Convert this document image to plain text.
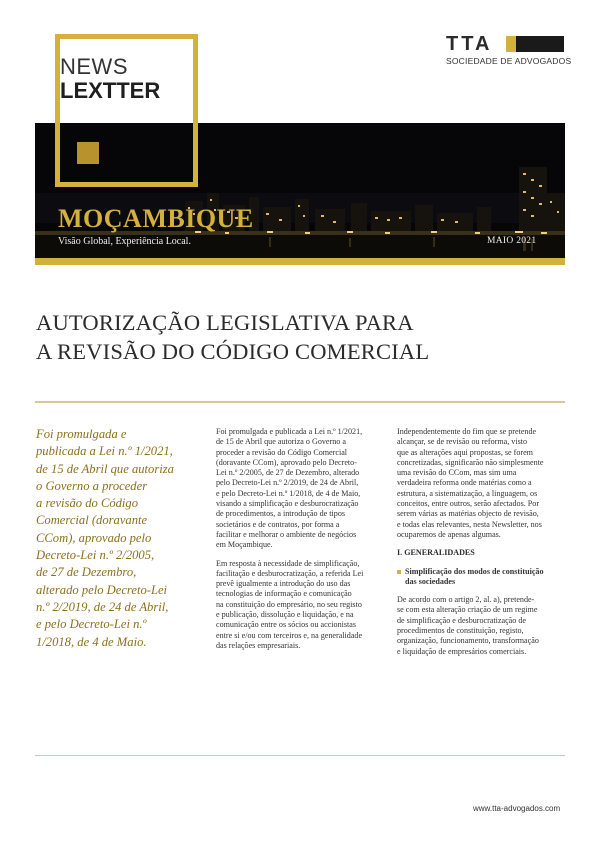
NEWS
LEXTTER
TTA
SOCIEDADE DE ADVOGADOS
MOÇAMBIQUE
Visão Global, Experiência Local.	MAIO 2021
AUTORIZAÇÃO LEGISLATIVA PARA
A REVISÃO DO CÓDIGO COMERCIAL
Foi promulgada e
publicada a Lei n.º 1/2021,
de 15 de Abril que autoriza
o Governo a proceder
a revisão do Código
Comercial (doravante
CCom), aprovado pelo
Decreto-Lei n.º 2/2005,
de 27 de Dezembro,
alterado pelo Decreto-Lei
n.º 2/2019, de 24 de Abril,
e pelo Decreto-Lei n.º
1/2018, de 4 de Maio.
Foi promulgada e publicada a Lei n.º 1/2021,
de 15 de Abril que autoriza o Governo a
proceder a revisão do Código Comercial
(doravante CCom), aprovado pelo Decreto-
Lei n.º 2/2005, de 27 de Dezembro, alterado
pelo Decreto-Lei n.º 2/2019, de 24 de Abril,
e pelo Decreto-Lei n.º 1/2018, de 4 de Maio,
visando a simplificação e desburocratização
de procedimentos, a introdução de tipos
societários e de contratos, por forma a
facilitar e melhorar o ambiente de negócios
em Moçambique.
Em resposta à necessidade de simplificação,
facilitação e desburocratização, a referida Lei
prevê igualmente a introdução do uso das
tecnologias de informação e comunicação
na constituição do empresário, no seu registo
e publicação, dissolução e liquidação, e na
comunicação entre os sócios ou accionistas
entre si e/ou com terceiros e, na generalidade
das relações empresariais.
Independentemente do fim que se pretende
alcançar, se de revisão ou reforma, visto
que as alterações aqui propostas, se forem
concretizadas, significarão não simplesmente
uma revisão do CCom, mas sim uma
verdadeira reforma onde matérias como a
estrutura, a sistematização, a linguagem, os
conceitos, entre outros, serão afectados. Por
serem várias as matérias objecto de revisão,
e todas elas relevantes, nesta Newsletter, nos
ocuparemos de apenas algumas.
I. GENERALIDADES
Simplificação dos modos de constituição
das sociedades
De acordo com o artigo 2, al. a), pretende-
se com esta alteração criação de um regime
de simplificação e desburocratização de
procedimentos de constituição, registo,
organização, funcionamento, transformação
e liquidação de empresários comerciais.
www.tta-advogados.com
